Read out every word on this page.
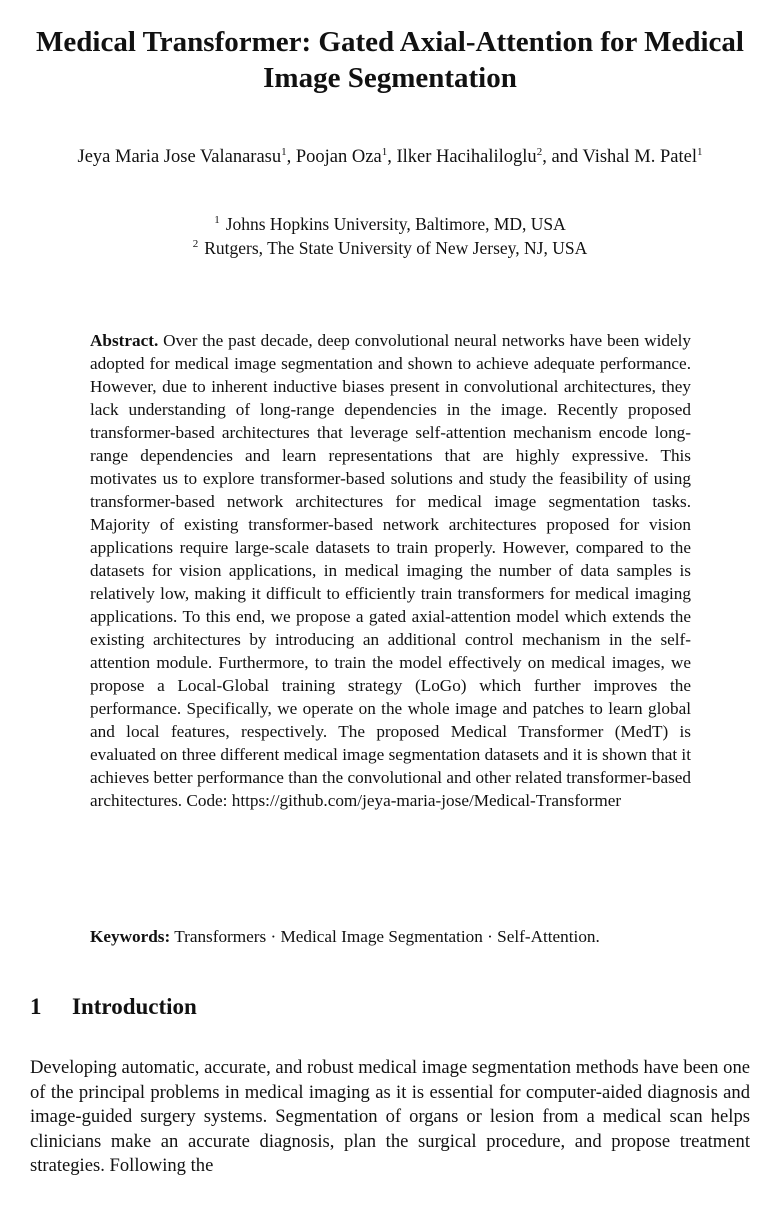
Medical Transformer: Gated Axial-Attention for Medical Image Segmentation
Jeya Maria Jose Valanarasu$^1$, Poojan Oza$^1$, Ilker Hacihaliloglu$^2$, and Vishal M. Patel$^1$
$^1$ Johns Hopkins University, Baltimore, MD, USA
$^2$ Rutgers, The State University of New Jersey, NJ, USA

Abstract. Over the past decade, deep convolutional neural networks have been widely adopted for medical image segmentation and shown to achieve adequate performance. However, due to inherent inductive biases present in convolutional architectures, they lack understanding of long-range dependencies in the image. Recently proposed transformer-based architectures that leverage self-attention mechanism encode long-range dependencies and learn representations that are highly expressive. This motivates us to explore transformer-based solutions and study the feasibility of using transformer-based network architectures for medical image segmentation tasks. Majority of existing transformer-based network architectures proposed for vision applications require large-scale datasets to train properly. However, compared to the datasets for vision applications, in medical imaging the number of data samples is relatively low, making it difficult to efficiently train transformers for medical imaging applications. To this end, we propose a gated axial-attention model which extends the existing architectures by introducing an additional control mechanism in the self-attention module. Furthermore, to train the model effectively on medical images, we propose a Local-Global training strategy (LoGo) which further improves the performance. Specifically, we operate on the whole image and patches to learn global and local features, respectively. The proposed Medical Transformer (MedT) is evaluated on three different medical image segmentation datasets and it is shown that it achieves better performance than the convolutional and other related transformer-based architectures. Code: https://github.com/jeya-maria-jose/Medical-Transformer

Keywords: Transformers · Medical Image Segmentation · Self-Attention.
1 Introduction

Developing automatic, accurate, and robust medical image segmentation methods have been one of the principal problems in medical imaging as it is essential for computer-aided diagnosis and image-guided surgery systems. Segmentation of organs or lesion from a medical scan helps clinicians make an accurate diagnosis, plan the surgical procedure, and propose treatment strategies. Following the
